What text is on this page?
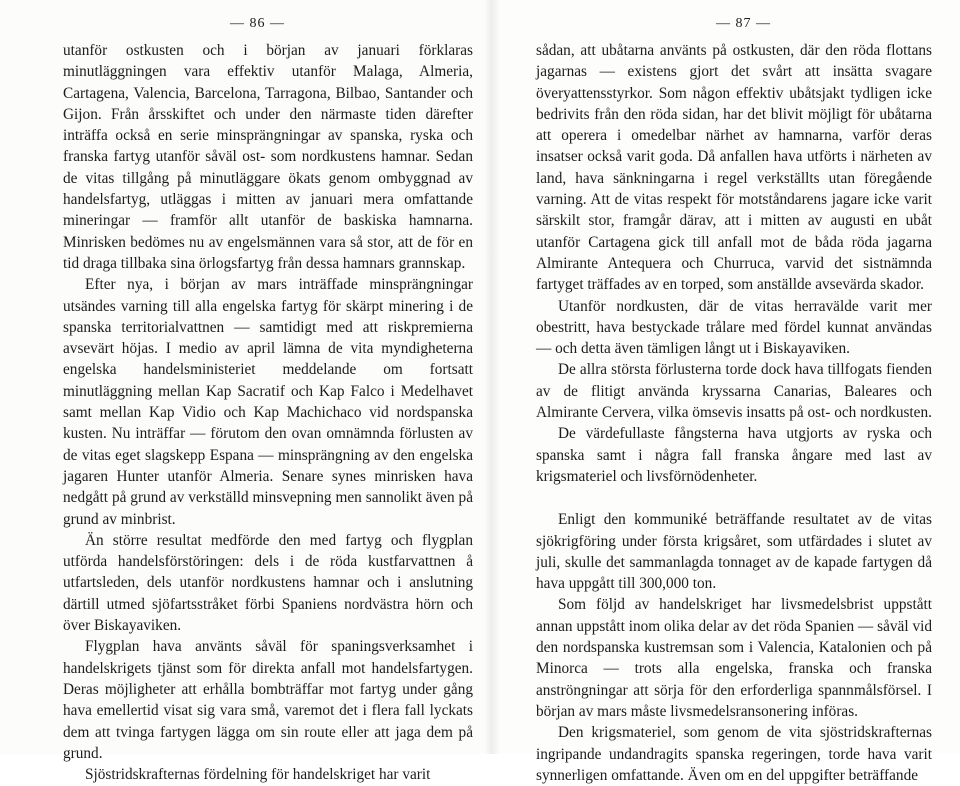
— 86 —

utanför ostkusten och i början av januari förklaras minutläggningen vara effektiv utanför Malaga, Almeria, Cartagena, Valencia, Barcelona, Tarragona, Bilbao, Santander och Gijon. Från årsskiftet och under den närmaste tiden därefter inträffa också en serie minsprängningar av spanska, ryska och franska fartyg utanför såväl ost- som nordkustens hamnar. Sedan de vitas tillgång på minutläggare ökats genom ombyggnad av handelsfartyg, utläggas i mitten av januari mera omfattande mineringar — framför allt utanför de baskiska hamnarna. Minrisken bedömes nu av engelsmännen vara så stor, att de för en tid draga tillbaka sina örlogsfartyg från dessa hamnars grannskap.

Efter nya, i början av mars inträffade minsprängningar utsändes varning till alla engelska fartyg för skärpt minering i de spanska territorialvattnen — samtidigt med att riskpremierna avsevärt höjas. I medio av april lämna de vita myndigheterna engelska handelsministeriet meddelande om fortsatt minutläggning mellan Kap Sacratif och Kap Falco i Medelhavet samt mellan Kap Vidio och Kap Machichaco vid nordspanska kusten. Nu inträffar — förutom den ovan omnämnda förlusten av de vitas eget slagskepp Espana — minsprängning av den engelska jagaren Hunter utanför Almeria. Senare synes minrisken hava nedgått på grund av verkställd minsvepning men sannolikt även på grund av minbrist.

Än större resultat medförde den med fartyg och flygplan utförda handelsförstöringen: dels i de röda kustfarvattnen å utfartsleden, dels utanför nordkustens hamnar och i anslutning därtill utmed sjöfartsstråket förbi Spaniens nordvästra hörn och över Biskayaviken.

Flygplan hava använts såväl för spaningsverksamhet i handelskrigets tjänst som för direkta anfall mot handelsfartygen. Deras möjligheter att erhålla bombträffar mot fartyg under gång hava emellertid visat sig vara små, varemot det i flera fall lyckats dem att tvinga fartygen lägga om sin route eller att jaga dem på grund.

Sjöstridskrafternas fördelning för handelskriget har varit

— 87 —

sådan, att ubåtarna använts på ostkusten, där den röda flottans jagarnas — existens gjort det svårt att insätta svagare överyattensstyrkor. Som någon effektiv ubåtsjakt tydligen icke bedrivits från den röda sidan, har det blivit möjligt för ubåtarna att operera i omedelbar närhet av hamnarna, varför deras insatser också varit goda. Då anfallen hava utförts i närheten av land, hava sänkningarna i regel verkställts utan föregående varning. Att de vitas respekt för motståndarens jagare icke varit särskilt stor, framgår därav, att i mitten av augusti en ubåt utanför Cartagena gick till anfall mot de båda röda jagarna Almirante Antequera och Churruca, varvid det sistnämnda fartyget träffades av en torped, som anställde avsevärda skador.

Utanför nordkusten, där de vitas herravälde varit mer obestritt, hava bestyckade trålare med fördel kunnat användas — och detta även tämligen långt ut i Biskayaviken.

De allra största förlusterna torde dock hava tillfogats fienden av de flitigt använda kryssarna Canarias, Baleares och Almirante Cervera, vilka ömsevis insatts på ost- och nordkusten.

De värdefullaste fångsterna hava utgjorts av ryska och spanska samt i några fall franska ångare med last av krigsmateriel och livsförnödenheter.

Enligt den kommuniké beträffande resultatet av de vitas sjökrigföring under första krigsåret, som utfärdades i slutet av juli, skulle det sammanlagda tonnaget av de kapade fartygen då hava uppgått till 300,000 ton.

Som följd av handelskriget har livsmedelsbrist uppstått annan uppstått inom olika delar av det röda Spanien — såväl vid den nordspanska kustremsan som i Valencia, Katalonien och på Minorca — trots alla engelska, franska och franska anströngningar att sörja för den erforderliga spannmålsförsel. I början av mars måste livsmedelsransonering införas.

Den krigsmateriel, som genom de vita sjöstridskrafternas ingripande undandragits spanska regeringen, torde hava varit synnerligen omfattande. Även om en del uppgifter beträffande
